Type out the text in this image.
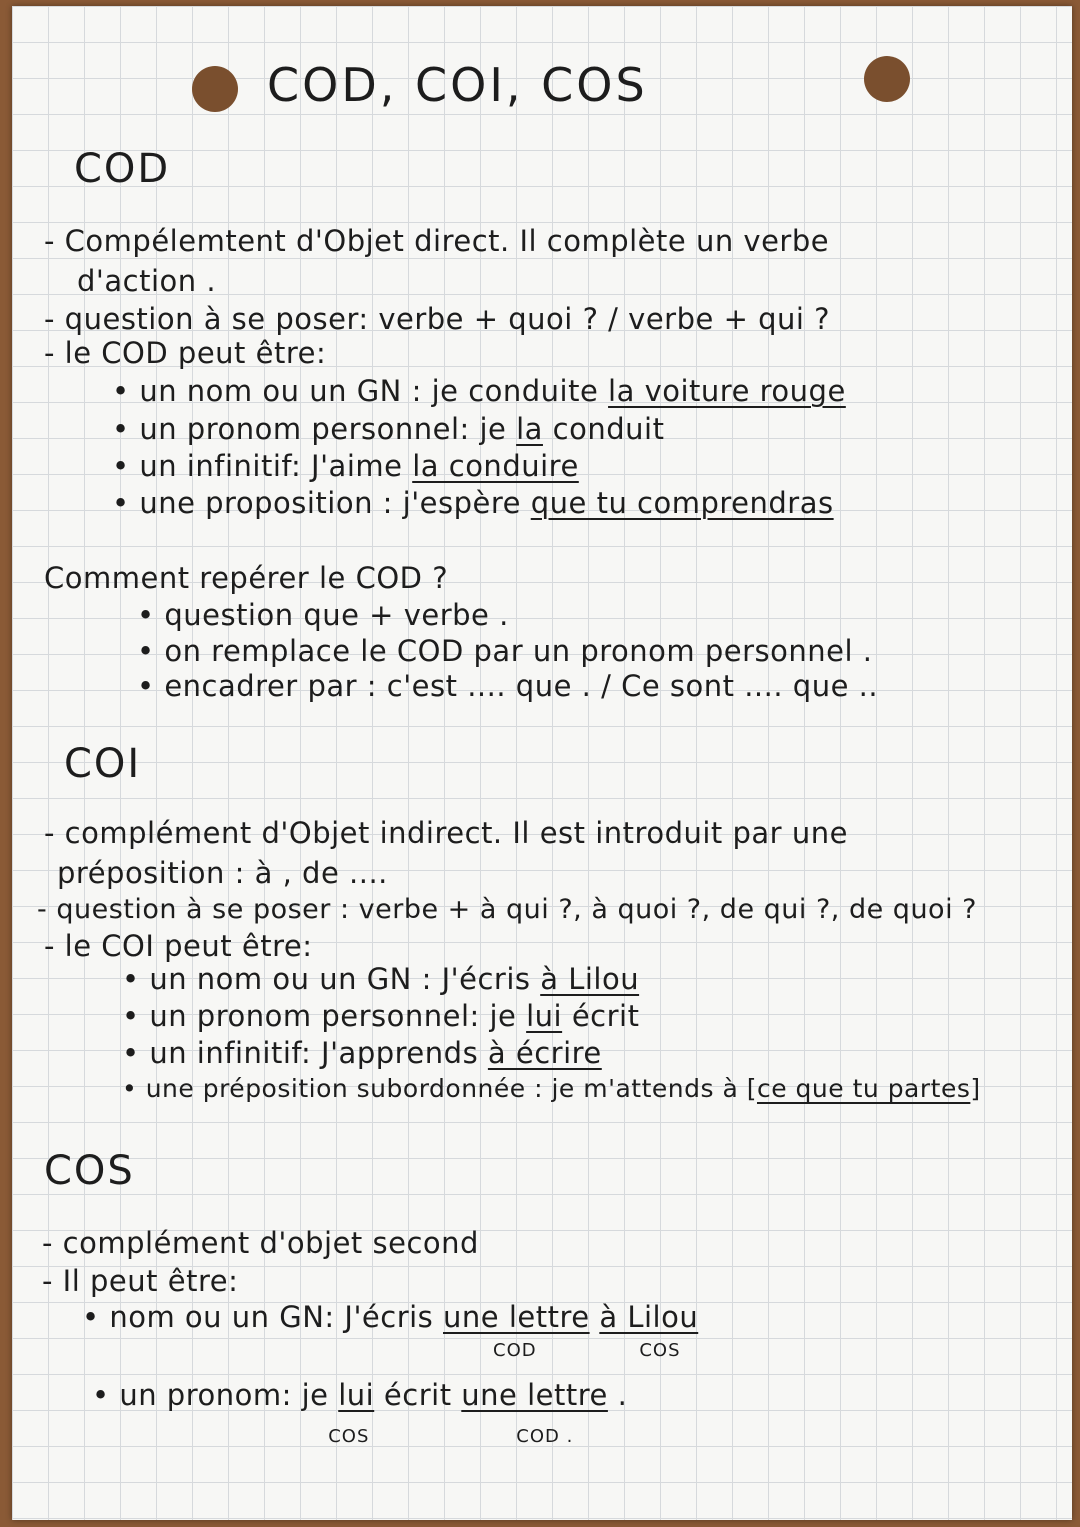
COD, COI, COS
COD
- Compélemtent d'Objet direct. Il complète un verbe
d'action .
- question à se poser: verbe + quoi ? / verbe + qui ?
- le COD peut être:
• un nom ou un GN : je conduite la voiture rouge
• un pronom personnel: je la conduit
• un infinitif: J'aime la conduire
• une proposition : j'espère que tu comprendras
Comment repérer le COD ?
• question que + verbe .
• on remplace le COD par un pronom personnel .
• encadrer par : c'est .... que . / Ce sont .... que ..
COI
- complément d'Objet indirect. Il est introduit par une
préposition : à , de ....
- question à se poser : verbe + à qui ?, à quoi ?, de qui ?, de quoi ?
- le COI peut être:
• un nom ou un GN : J'écris à Lilou
• un pronom personnel: je lui écrit
• un infinitif: J'apprends à écrire
• une préposition subordonnée : je m'attends à [ce que tu partes]
COS
- complément d'objet second
- Il peut être:
• nom ou un GN: J'écris une lettre
COD
à Lilou
COS
• un pronom: je lui
COS
écrit une lettre
COD .
.
